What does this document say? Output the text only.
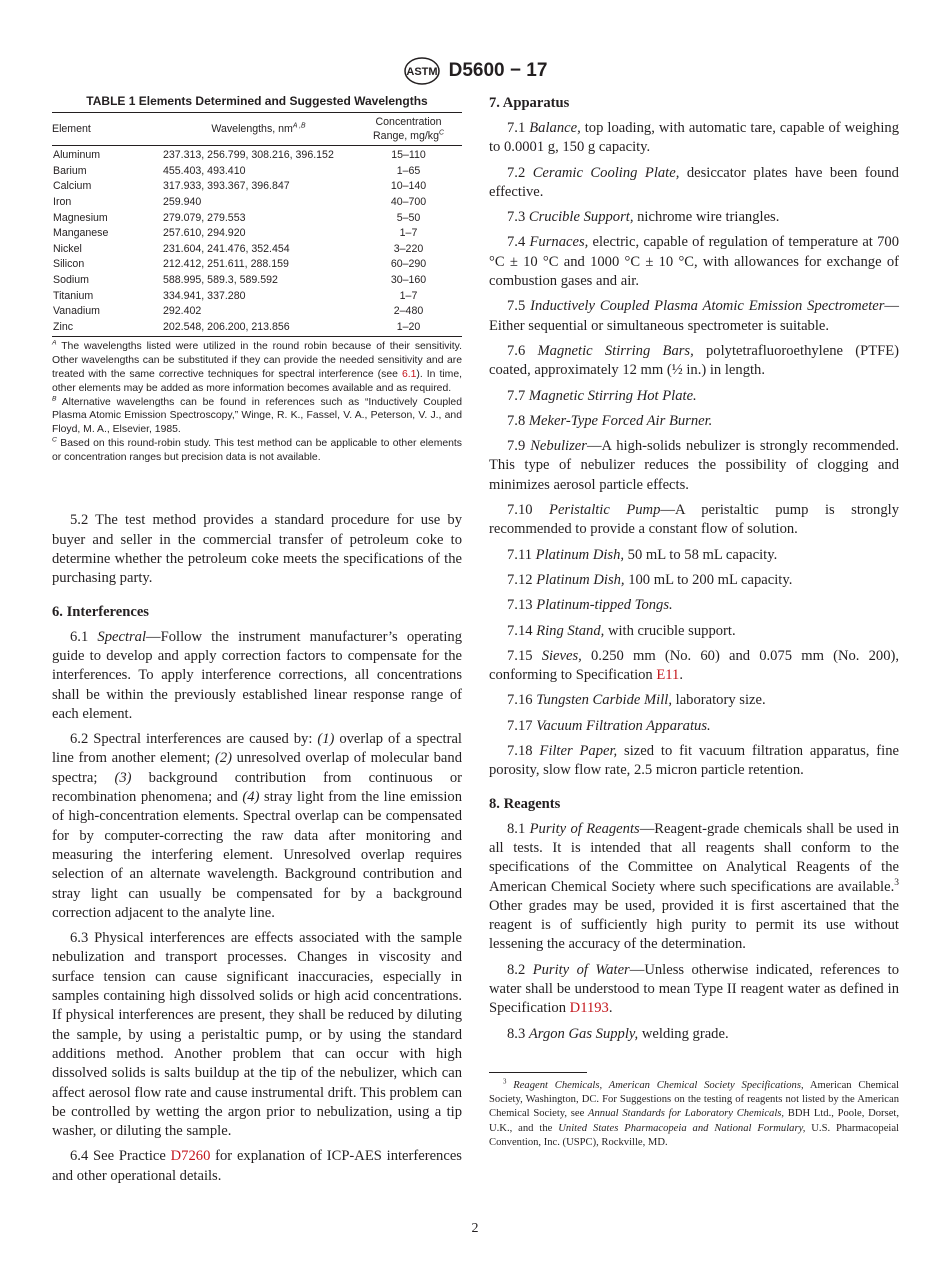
ASTM D5600 − 17
TABLE 1 Elements Determined and Suggested Wavelengths
Element	Wavelengths, $nm^{A ,B}$	Concentration
Range, $mg/kg^C$
Aluminum	237.313, 256.799, 308.216, 396.152	15–110
Barium	455.403, 493.410	1–65
Calcium	317.933, 393.367, 396.847	10–140
Iron	259.940	40–700
Magnesium	279.079, 279.553	5–50
Manganese	257.610, 294.920	1–7
Nickel	231.604, 241.476, 352.454	3–220
Silicon	212.412, 251.611, 288.159	60–290
Sodium	588.995, 589.3, 589.592	30–160
Titanium	334.941, 337.280	1–7
Vanadium	292.402	2–480
Zinc	202.548, 206.200, 213.856	1–20

$^A$ The wavelengths listed were utilized in the round robin because of their sensitivity. Other wavelengths can be substituted if they can provide the needed sensitivity and are treated with the same corrective techniques for spectral interference (see 6.1). In time, other elements may be added as more information becomes available and as required.

$^B$ Alternative wavelengths can be found in references such as “Inductively Coupled Plasma Atomic Emission Spectroscopy,” Winge, R. K., Fassel, V. A., Peterson, V. J., and Floyd, M. A., Elsevier, 1985.

$^C$ Based on this round-robin study. This test method can be applicable to other elements or concentration ranges but precision data is not available.

5.2 The test method provides a standard procedure for use by buyer and seller in the commercial transfer of petroleum coke to determine whether the petroleum coke meets the specifications of the purchasing party.

6. Interferences

6.1 Spectral—Follow the instrument manufacturer’s operating guide to develop and apply correction factors to compensate for the interferences. To apply interference corrections, all concentrations shall be within the previously established linear response range of each element.

6.2 Spectral interferences are caused by: (1) overlap of a spectral line from another element; (2) unresolved overlap of molecular band spectra; (3) background contribution from continuous or recombination phenomena; and (4) stray light from the line emission of high-concentration elements. Spectral overlap can be compensated for by computer-correcting the raw data after monitoring and measuring the interfering element. Unresolved overlap requires selection of an alternate wavelength. Background contribution and stray light can usually be compensated for by a background correction adjacent to the analyte line.

6.3 Physical interferences are effects associated with the sample nebulization and transport processes. Changes in viscosity and surface tension can cause significant inaccuracies, especially in samples containing high dissolved solids or high acid concentrations. If physical interferences are present, they shall be reduced by diluting the sample, by using a peristaltic pump, or by using the standard additions method. Another problem that can occur with high dissolved solids is salts buildup at the tip of the nebulizer, which can affect aerosol flow rate and cause instrumental drift. This problem can be controlled by wetting the argon prior to nebulization, using a tip washer, or diluting the sample.

6.4 See Practice D7260 for explanation of ICP-AES interferences and other operational details.

7. Apparatus

7.1 Balance, top loading, with automatic tare, capable of weighing to 0.0001 g, 150 g capacity.

7.2 Ceramic Cooling Plate, desiccator plates have been found effective.

7.3 Crucible Support, nichrome wire triangles.

7.4 Furnaces, electric, capable of regulation of temperature at 700 °C ± 10 °C and 1000 °C ± 10 °C, with allowances for exchange of combustion gases and air.

7.5 Inductively Coupled Plasma Atomic Emission Spectrometer—Either sequential or simultaneous spectrometer is suitable.

7.6 Magnetic Stirring Bars, polytetrafluoroethylene (PTFE) coated, approximately 12 mm (½ in.) in length.

7.7 Magnetic Stirring Hot Plate.

7.8 Meker-Type Forced Air Burner.

7.9 Nebulizer—A high-solids nebulizer is strongly recommended. This type of nebulizer reduces the possibility of clogging and minimizes aerosol particle effects.

7.10 Peristaltic Pump—A peristaltic pump is strongly recommended to provide a constant flow of solution.

7.11 Platinum Dish, 50 mL to 58 mL capacity.

7.12 Platinum Dish, 100 mL to 200 mL capacity.

7.13 Platinum-tipped Tongs.

7.14 Ring Stand, with crucible support.

7.15 Sieves, 0.250 mm (No. 60) and 0.075 mm (No. 200), conforming to Specification E11.

7.16 Tungsten Carbide Mill, laboratory size.

7.17 Vacuum Filtration Apparatus.

7.18 Filter Paper, sized to fit vacuum filtration apparatus, fine porosity, slow flow rate, 2.5 micron particle retention.

8. Reagents

8.1 Purity of Reagents—Reagent-grade chemicals shall be used in all tests. It is intended that all reagents shall conform to the specifications of the Committee on Analytical Reagents of the American Chemical Society where such specifications are available.$^3$ Other grades may be used, provided it is first ascertained that the reagent is of sufficiently high purity to permit its use without lessening the accuracy of the determination.

8.2 Purity of Water—Unless otherwise indicated, references to water shall be understood to mean Type II reagent water as defined in Specification D1193.

8.3 Argon Gas Supply, welding grade.

$^3$ Reagent Chemicals, American Chemical Society Specifications, American Chemical Society, Washington, DC. For Suggestions on the testing of reagents not listed by the American Chemical Society, see Annual Standards for Laboratory Chemicals, BDH Ltd., Poole, Dorset, U.K., and the United States Pharmacopeia and National Formulary, U.S. Pharmacopeial Convention, Inc. (USPC), Rockville, MD.

2
